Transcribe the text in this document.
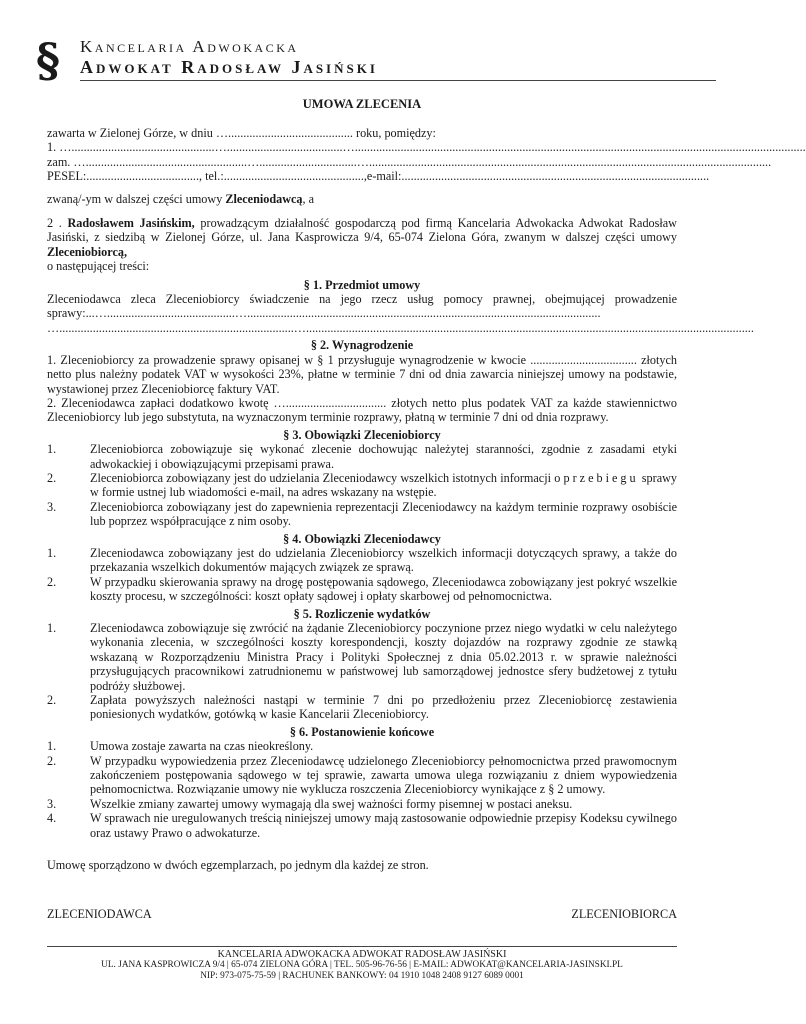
§ Kancelaria Adwokacka
Adwokat Radosław Jasiński
UMOWA ZLECENIA

zawarta w Zielonej Górze, w dniu …......................................... roku, pomiędzy:

1. …...............................................…......................................…....................................................................................................................................................

zam. ….....................................................…................................…....................................................................................................................................

PESEL:....................................., tel.:..............................................,e-mail:.....................................................................................................

zwaną/-ym w dalszej części umowy Zleceniodawcą, a

2 . Radosławem Jasińskim, prowadzącym działalność gospodarczą pod firmą Kancelaria Adwokacka Adwokat Radosław Jasiński, z siedzibą w Zielonej Górze, ul. Jana Kasprowicza 9/4, 65-074 Zielona Góra, zwanym w dalszej części umowy Zleceniobiorcą,

o następującej treści:

§ 1. Przedmiot umowy

Zleceniodawca zleca Zleceniobiorcy świadczenie na jego rzecz usług pomocy prawnej, obejmującej prowadzenie sprawy:...…..........................................…....................................................................................................................

….............................................................................…...................................................................................................................................................

§ 2. Wynagrodzenie

1. Zleceniobiorcy za prowadzenie sprawy opisanej w § 1 przysługuje wynagrodzenie w kwocie ................................... złotych netto plus należny podatek VAT w wysokości 23%, płatne w terminie 7 dni od dnia zawarcia niniejszej umowy na podstawie, wystawionej przez Zleceniobiorcę faktury VAT.

2. Zleceniodawca zapłaci dodatkowo kwotę …................................. złotych netto plus podatek VAT za każde stawiennictwo Zleceniobiorcy lub jego substytuta, na wyznaczonym terminie rozprawy, płatną w terminie 7 dni od dnia rozprawy.

§ 3. Obowiązki Zleceniobiorcy

1.	Zleceniobiorca zobowiązuje się wykonać zlecenie dochowując należytej staranności, zgodnie z zasadami etyki adwokackiej i obowiązującymi przepisami prawa.
2.	Zleceniobiorca zobowiązany jest do udzielania Zleceniodawcy wszelkich istotnych informacji o przebiegu sprawy w formie ustnej lub wiadomości e-mail, na adres wskazany na wstępie.
3.	Zleceniobiorca zobowiązany jest do zapewnienia reprezentacji Zleceniodawcy na każdym terminie rozprawy osobiście lub poprzez współpracujące z nim osoby.

§ 4. Obowiązki Zleceniodawcy

1.	Zleceniodawca zobowiązany jest do udzielania Zleceniobiorcy wszelkich informacji dotyczących sprawy, a także do przekazania wszelkich dokumentów mających związek ze sprawą.
2.	W przypadku skierowania sprawy na drogę postępowania sądowego, Zleceniodawca zobowiązany jest pokryć wszelkie koszty procesu, w szczególności: koszt opłaty sądowej i opłaty skarbowej od pełnomocnictwa.

§ 5. Rozliczenie wydatków

1.	Zleceniodawca zobowiązuje się zwrócić na żądanie Zleceniobiorcy poczynione przez niego wydatki w celu należytego wykonania zlecenia, w szczególności koszty korespondencji, koszty dojazdów na rozprawy zgodnie ze stawką wskazaną w Rozporządzeniu Ministra Pracy i Polityki Społecznej z dnia 05.02.2013 r. w sprawie należności przysługujących pracownikowi zatrudnionemu w państwowej lub samorządowej jednostce sfery budżetowej z tytułu podróży służbowej.
2.	Zapłata powyższych należności nastąpi w terminie 7 dni po przedłożeniu przez Zleceniobiorcę zestawienia poniesionych wydatków, gotówką w kasie Kancelarii Zleceniobiorcy.

§ 6. Postanowienie końcowe

1.	Umowa zostaje zawarta na czas nieokreślony.
2.	W przypadku wypowiedzenia przez Zleceniodawcę udzielonego Zleceniobiorcy pełnomocnictwa przed prawomocnym zakończeniem postępowania sądowego w tej sprawie, zawarta umowa ulega rozwiązaniu z dniem wypowiedzenia pełnomocnictwa. Rozwiązanie umowy nie wyklucza roszczenia Zleceniobiorcy wynikające z § 2 umowy.
3.	Wszelkie zmiany zawartej umowy wymagają dla swej ważności formy pisemnej w postaci aneksu.
4.	W sprawach nie uregulowanych treścią niniejszej umowy mają zastosowanie odpowiednie przepisy Kodeksu cywilnego oraz ustawy Prawo o adwokaturze.

Umowę sporządzono w dwóch egzemplarzach, po jednym dla każdej ze stron.

ZLECENIODAWCA	ZLECENIOBIORCA
KANCELARIA ADWOKACKA ADWOKAT RADOSŁAW JASIŃSKI
UL. JANA KASPROWICZA 9/4 | 65-074 ZIELONA GÓRA | TEL. 505-96-76-56 | E-MAIL: ADWOKAT@KANCELARIA-JASINSKI.PL
NIP: 973-075-75-59 | RACHUNEK BANKOWY: 04 1910 1048 2408 9127 6089 0001
